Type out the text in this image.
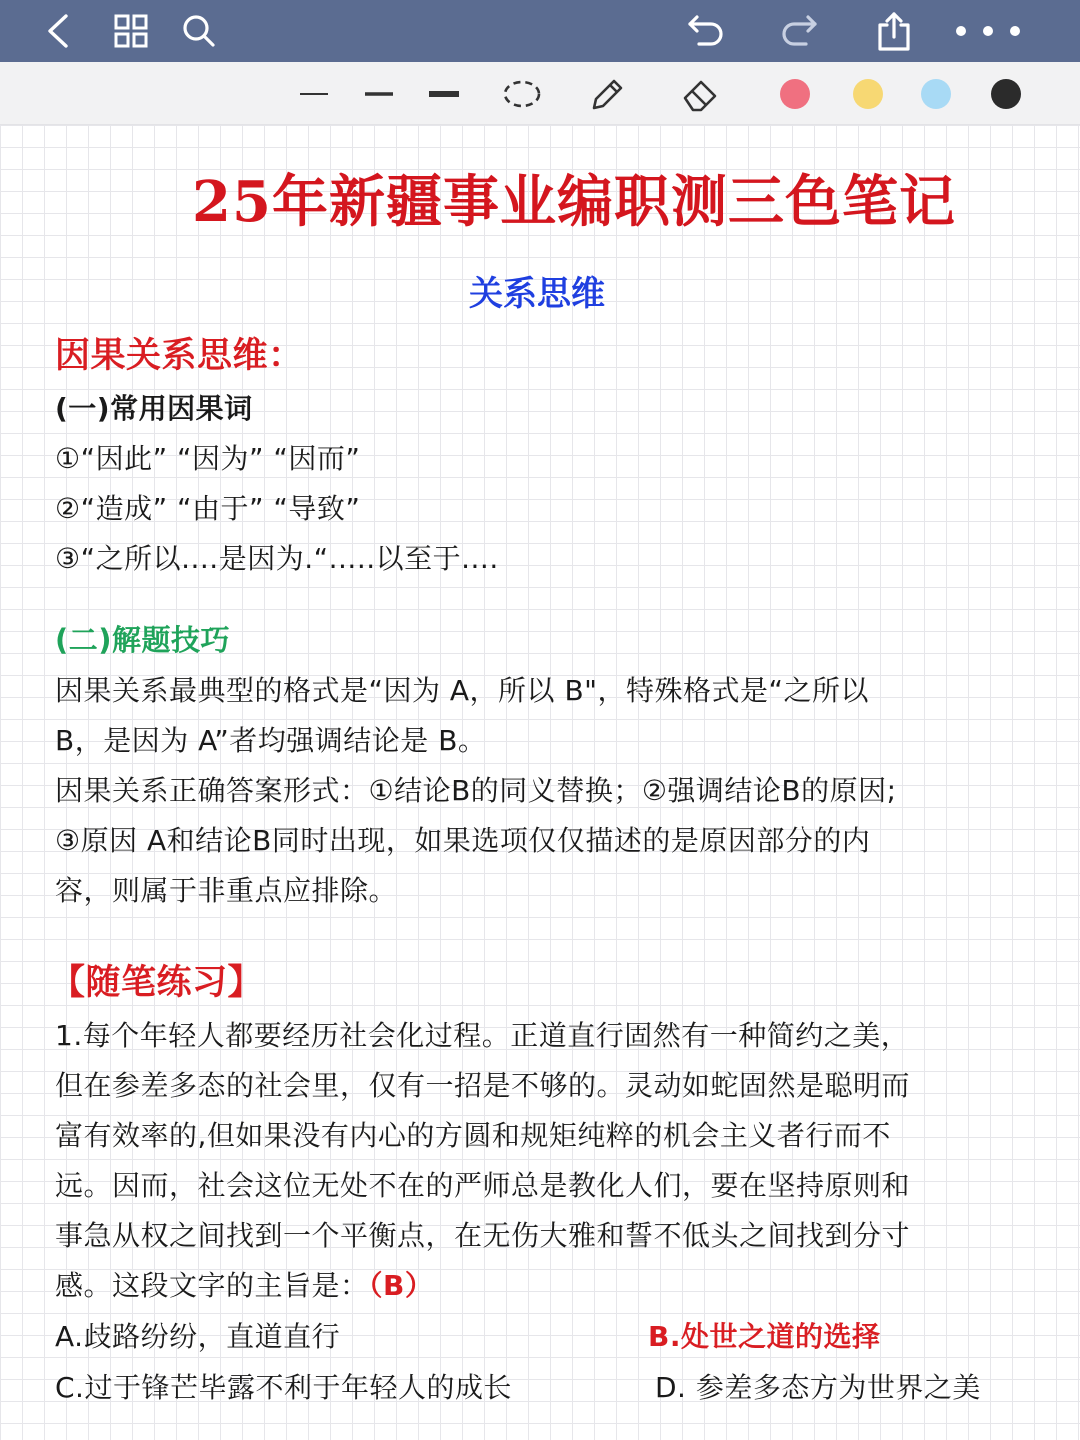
25年新疆事业编职测三色笔记
关系思维
因果关系思维：
(一)常用因果词
①“因此” “因为” “因而”
②“造成” “由于” “导致”
③“之所以....是因为.“.....以至于....
(二)解题技巧
因果关系最典型的格式是“因为 A，所以 B"，特殊格式是“之所以
B，是因为 A”者均强调结论是 B。
因果关系正确答案形式：①结论B的同义替换；②强调结论B的原因;
③原因 A和结论B同时出现，如果选项仅仅描述的是原因部分的内
容，则属于非重点应排除。
【随笔练习】
1.每个年轻人都要经历社会化过程。正道直行固然有一种简约之美，
但在参差多态的社会里，仅有一招是不够的。灵动如蛇固然是聪明而
富有效率的,但如果没有内心的方圆和规矩纯粹的机会主义者行而不
远。因而，社会这位无处不在的严师总是教化人们，要在坚持原则和
事急从权之间找到一个平衡点，在无伤大雅和誓不低头之间找到分寸
感。这段文字的主旨是：（B）
A.歧路纷纷，直道直行	B.处世之道的选择
C.过于锋芒毕露不利于年轻人的成长	D. 参差多态方为世界之美
